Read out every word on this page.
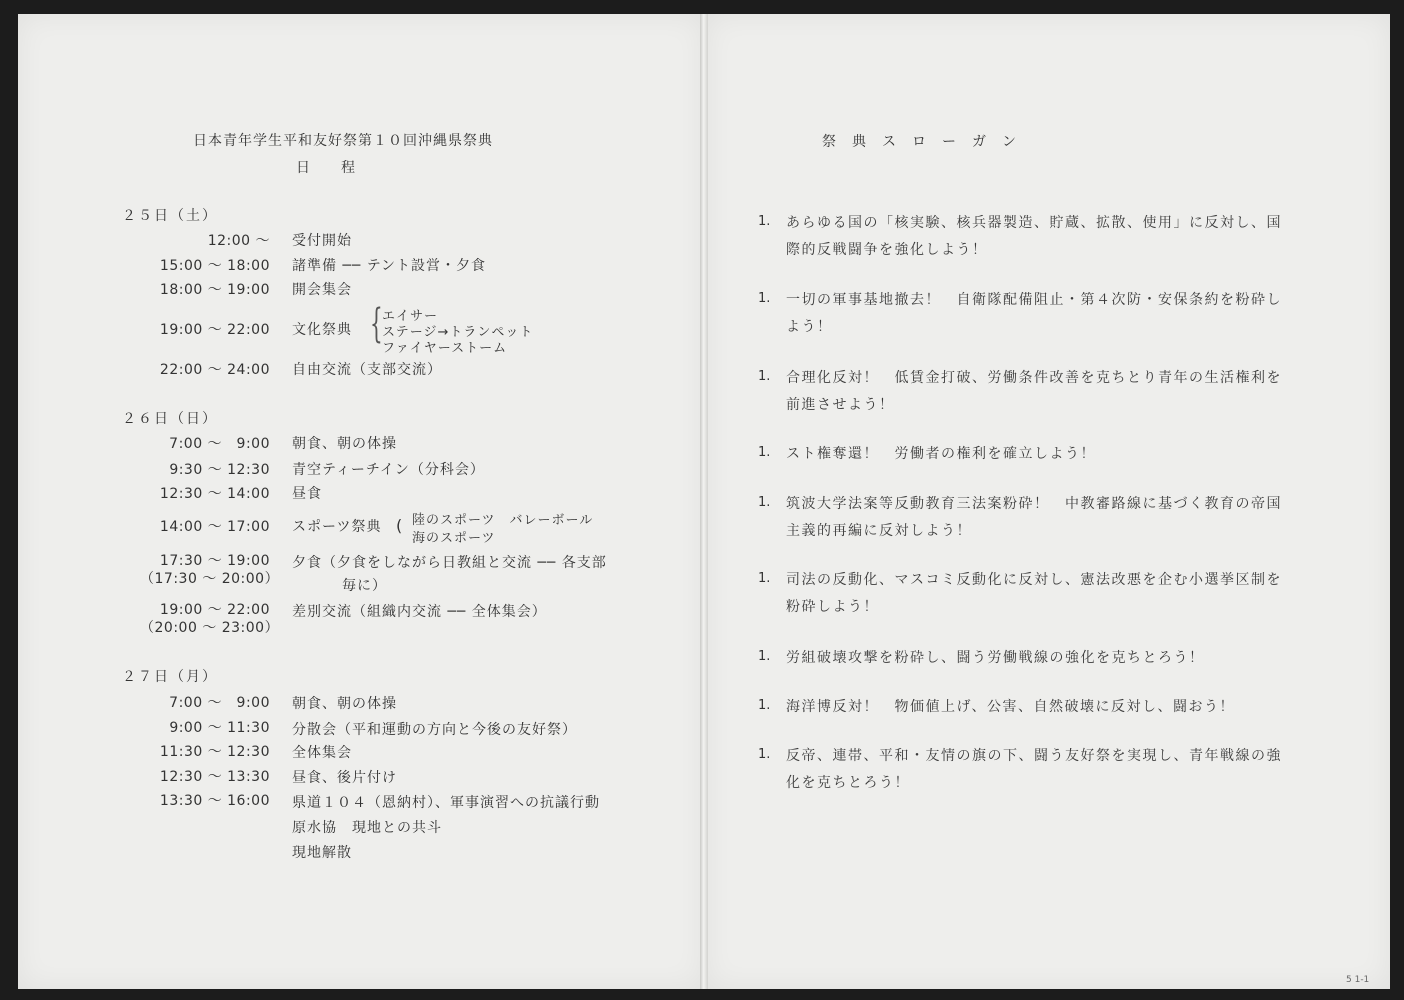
日本青年学生平和友好祭第１０回沖縄県祭典
日　　程
２５日（土）
12:00 ～ 受付開始
15:00 ～ 18:00 諸準備 ── テント設営・夕食
18:00 ～ 19:00 開会集会
19:00 ～ 22:00 文化祭典 { エイサー
ステージ→トランペット
ファイヤーストーム
22:00 ～ 24:00 自由交流（支部交流）
２６日（日）
7:00 ～　9:00 朝食、朝の体操
9:30 ～ 12:30 青空ティーチイン（分科会）
12:30 ～ 14:00 昼食
14:00 ～ 17:00 スポーツ祭典 ( 陸のスポーツ　バレーボール
海のスポーツ
17:30 ～ 19:00
（17:30 ～ 20:00）
夕食（夕食をしながら日教組と交流 ── 各支部
毎に）
19:00 ～ 22:00
（20:00 ～ 23:00）
差別交流（組織内交流 ── 全体集会）
２７日（月）
7:00 ～　9:00 朝食、朝の体操
9:00 ～ 11:30 分散会（平和運動の方向と今後の友好祭）
11:30 ～ 12:30 全体集会
12:30 ～ 13:30 昼食、後片付け
13:30 ～ 16:00 県道１０４（恩納村）、軍事演習への抗議行動
原水協　現地との共斗
現地解散
祭　典　ス　ロ　ー　ガ　ン
1. あらゆる国の「核実験、核兵器製造、貯蔵、拡散、使用」に反対し、国際的反戦闘争を強化しよう！
1. 一切の軍事基地撤去！　自衛隊配備阻止・第４次防・安保条約を粉砕しよう！
1. 合理化反対！　低賃金打破、労働条件改善を克ちとり青年の生活権利を前進させよう！
1. スト権奪還！　労働者の権利を確立しよう！
1. 筑波大学法案等反動教育三法案粉砕！　中教審路線に基づく教育の帝国主義的再編に反対しよう！
1. 司法の反動化、マスコミ反動化に反対し、憲法改悪を企む小選挙区制を粉砕しよう！
1. 労組破壊攻撃を粉砕し、闘う労働戦線の強化を克ちとろう！
1. 海洋博反対！　物価値上げ、公害、自然破壊に反対し、闘おう！
1. 反帝、連帯、平和・友情の旗の下、闘う友好祭を実現し、青年戦線の強化を克ちとろう！
5 1-1
